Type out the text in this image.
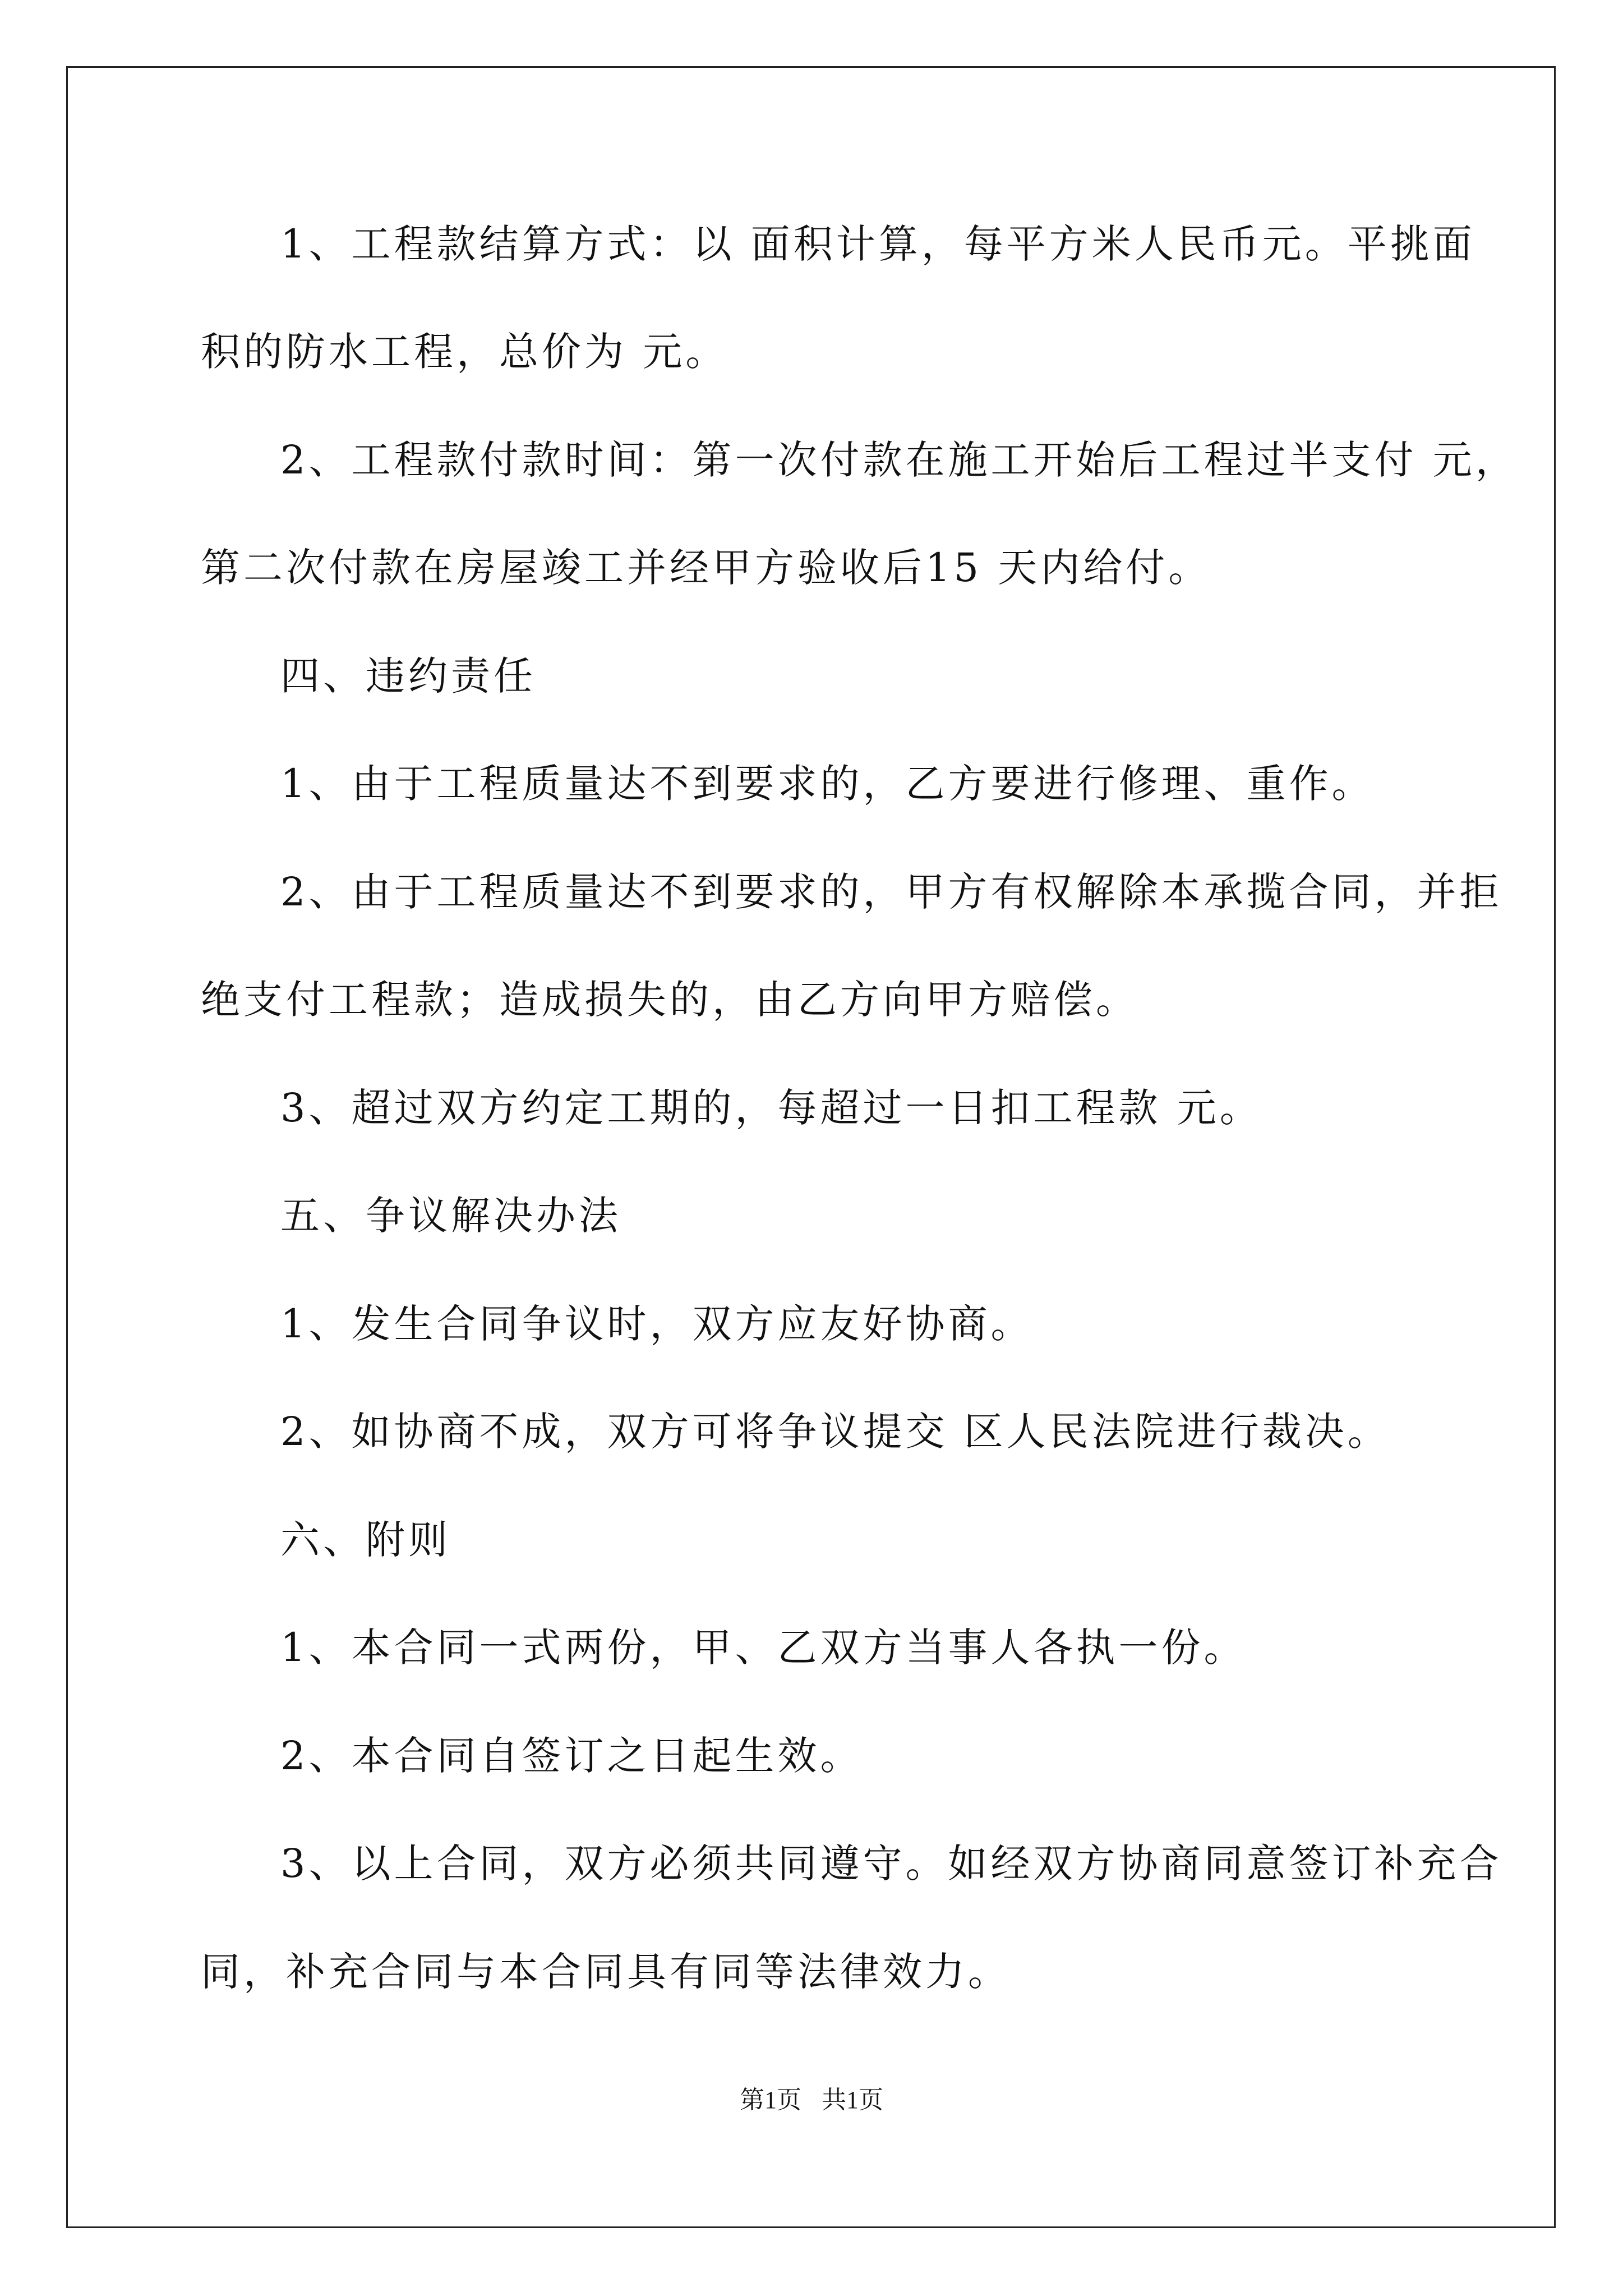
1、工程款结算方式：以 面积计算，每平方米人民币元。平挑面
积的防水工程，总价为 元。
2、工程款付款时间：第一次付款在施工开始后工程过半支付 元，
第二次付款在房屋竣工并经甲方验收后15 天内给付。
四、违约责任
1、由于工程质量达不到要求的，乙方要进行修理、重作。
2、由于工程质量达不到要求的，甲方有权解除本承揽合同，并拒
绝支付工程款；造成损失的，由乙方向甲方赔偿。
3、超过双方约定工期的，每超过一日扣工程款 元。
五、争议解决办法
1、发生合同争议时，双方应友好协商。
2、如协商不成，双方可将争议提交 区人民法院进行裁决。
六、附则
1、本合同一式两份，甲、乙双方当事人各执一份。
2、本合同自签订之日起生效。
3、以上合同，双方必须共同遵守。如经双方协商同意签订补充合
同，补充合同与本合同具有同等法律效力。
第1页 共1页
